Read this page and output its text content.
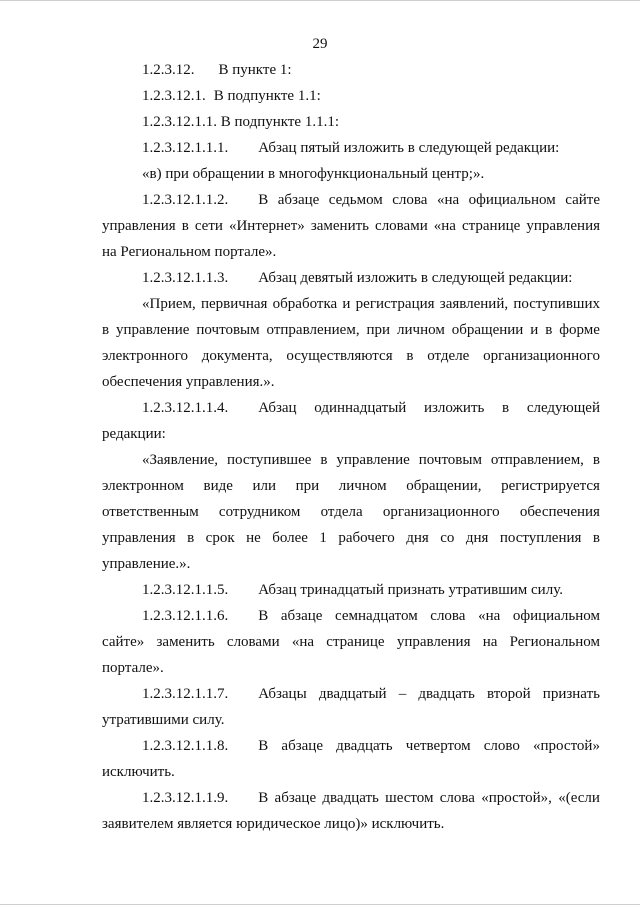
29
1.2.3.12. В пункте 1:
1.2.3.12.1. В подпункте 1.1:
1.2.3.12.1.1. В подпункте 1.1.1:
1.2.3.12.1.1.1. Абзац пятый изложить в следующей редакции:
«в) при обращении в многофункциональный центр;».
1.2.3.12.1.1.2. В абзаце седьмом слова «на официальном сайте
управления в сети «Интернет» заменить словами «на странице управления
на Региональном портале».
1.2.3.12.1.1.3. Абзац девятый изложить в следующей редакции:
«Прием, первичная обработка и регистрация заявлений, поступивших
в управление почтовым отправлением, при личном обращении и в форме
электронного документа, осуществляются в отделе организационного
обеспечения управления.».
1.2.3.12.1.1.4. Абзац одиннадцатый изложить в следующей
редакции:
«Заявление, поступившее в управление почтовым отправлением, в
электронном виде или при личном обращении, регистрируется
ответственным сотрудником отдела организационного обеспечения
управления в срок не более 1 рабочего дня со дня поступления в
управление.».
1.2.3.12.1.1.5. Абзац тринадцатый признать утратившим силу.
1.2.3.12.1.1.6. В абзаце семнадцатом слова «на официальном
сайте» заменить словами «на странице управления на Региональном
портале».
1.2.3.12.1.1.7. Абзацы двадцатый – двадцать второй признать
утратившими силу.
1.2.3.12.1.1.8. В абзаце двадцать четвертом слово «простой»
исключить.
1.2.3.12.1.1.9. В абзаце двадцать шестом слова «простой», «(если
заявителем является юридическое лицо)» исключить.
